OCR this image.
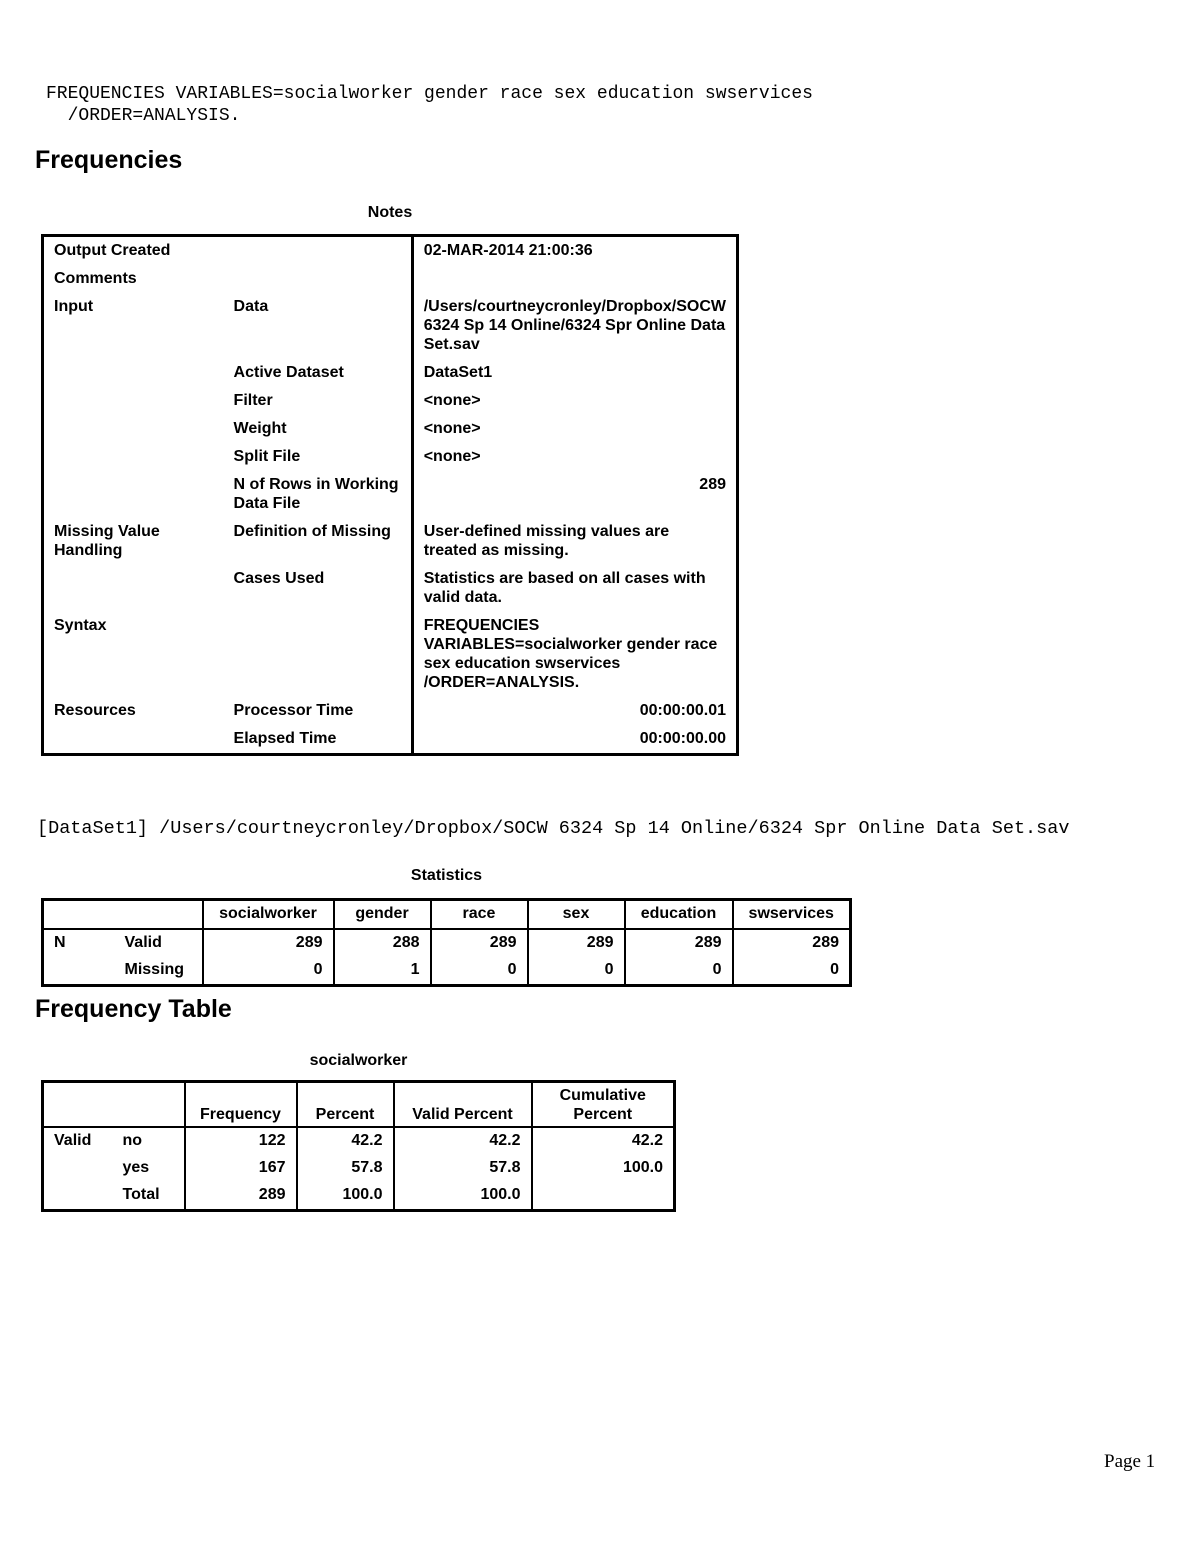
FREQUENCIES VARIABLES=socialworker gender race sex education swservices
/ORDER=ANALYSIS.
Frequencies
Notes
Output Created		02-MAR-2014 21:00:36
Comments		
Input	Data	/Users/courtneycronley/Dropbox/SOCW 6324 Sp 14 Online/6324 Spr Online Data Set.sav
	Active Dataset	DataSet1
	Filter	<none>
	Weight	<none>
	Split File	<none>
	N of Rows in Working Data File	289
Missing Value Handling	Definition of Missing	User-defined missing values are treated as missing.
	Cases Used	Statistics are based on all cases with valid data.
Syntax		FREQUENCIES VARIABLES=socialworker gender race sex education swservices /ORDER=ANALYSIS.
Resources	Processor Time	00:00:00.01
	Elapsed Time	00:00:00.00
[DataSet1] /Users/courtneycronley/Dropbox/SOCW 6324 Sp 14 Online/6324 Spr Online Data Set.sav
Statistics
		socialworker	gender	race	sex	education	swservices
N	Valid	289	288	289	289	289	289
	Missing	0	1	0	0	0	0
Frequency Table
socialworker
		Frequency	Percent	Valid Percent	Cumulative Percent
Valid	no	122	42.2	42.2	42.2
	yes	167	57.8	57.8	100.0
	Total	289	100.0	100.0	
Page 1
